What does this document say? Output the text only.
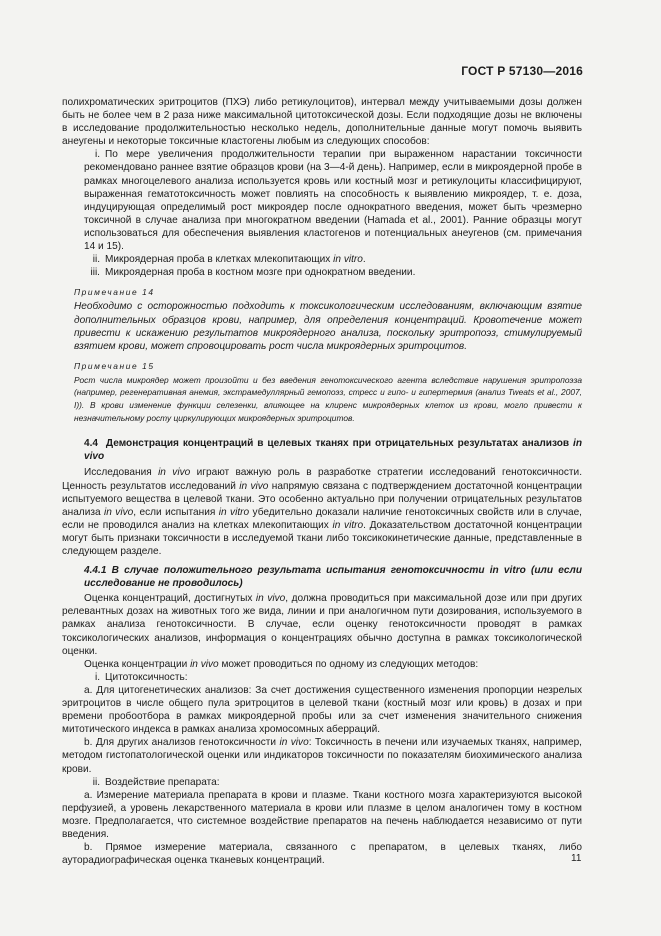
ГОСТ Р 57130—2016

полихроматических эритроцитов (ПХЭ) либо ретикулоцитов), интервал между учитываемыми дозы должен быть не более чем в 2 раза ниже максимальной цитотоксической дозы. Если подходящие дозы не включены в исследование продолжительностью несколько недель, дополнительные данные могут помочь выявить анеугены и некоторые токсичные кластогены любым из следующих способов:

i. По мере увеличения продолжительности терапии при выраженном нарастании токсичности рекомендовано раннее взятие образцов крови (на 3—4-й день). Например, если в микроядерной пробе в рамках многоцелевого анализа используется кровь или костный мозг и ретикулоциты классифицируют, выраженная гематотоксичность может повлиять на способность к выявлению микроядер, т. е. доза, индуцирующая определимый рост микроядер после однократного введения, может быть чрезмерно токсичной в случае анализа при многократном введении (Hamada et al., 2001). Ранние образцы могут использоваться для обеспечения выявления кластогенов и потенциальных анеугенов (см. примечания 14 и 15).

ii. Микроядерная проба в клетках млекопитающих in vitro.

iii. Микроядерная проба в костном мозге при однократном введении.

Примечание 14

Необходимо с осторожностью подходить к токсикологическим исследованиям, включающим взятие дополнительных образцов крови, например, для определения концентраций. Кровотечение может привести к искажению результатов микроядерного анализа, поскольку эритропоэз, стимулируемый взятием крови, может спровоцировать рост числа микроядерных эритроцитов.

Примечание 15

Рост числа микроядер может произойти и без введения генотоксического агента вследствие нарушения эритропоэза (например, регенеративная анемия, экстрамедуллярный гемопоэз, стресс и гипо- и гипертермия (анализ Tweats et al., 2007, I)). В крови изменение функции селезенки, влияющее на клиренс микроядерных клеток из крови, могло привести к незначительному росту циркулирующих микроядерных эритроцитов.

4.4 Демонстрация концентраций в целевых тканях при отрицательных результатах анализов in vivo

Исследования in vivo играют важную роль в разработке стратегии исследований генотоксичности. Ценность результатов исследований in vivo напрямую связана с подтверждением достаточной концентрации испытуемого вещества в целевой ткани. Это особенно актуально при получении отрицательных результатов анализа in vivo, если испытания in vitro убедительно доказали наличие генотоксичных свойств или в случае, если не проводился анализ на клетках млекопитающих in vitro. Доказательством достаточной концентрации могут быть признаки токсичности в исследуемой ткани либо токсикокинетические данные, представленные в следующем разделе.

4.4.1 В случае положительного результата испытания генотоксичности in vitro (или если исследование не проводилось)

Оценка концентраций, достигнутых in vivo, должна проводиться при максимальной дозе или при других релевантных дозах на животных того же вида, линии и при аналогичном пути дозирования, используемого в рамках анализа генотоксичности. В случае, если оценку генотоксичности проводят в рамках токсикологических анализов, информация о концентрациях обычно доступна в рамках токсикологической оценки.

Оценка концентрации in vivo может проводиться по одному из следующих методов:

i. Цитотоксичность:

a. Для цитогенетических анализов: За счет достижения существенного изменения пропорции незрелых эритроцитов в числе общего пула эритроцитов в целевой ткани (костный мозг или кровь) в дозах и при времени пробоотбора в рамках микроядерной пробы или за счет изменения значительного снижения митотического индекса в рамках анализа хромосомных аберраций.

b. Для других анализов генотоксичности in vivo: Токсичность в печени или изучаемых тканях, например, методом гистопатологической оценки или индикаторов токсичности по показателям биохимического анализа крови.

ii. Воздействие препарата:

a. Измерение материала препарата в крови и плазме. Ткани костного мозга характеризуются высокой перфузией, а уровень лекарственного материала в крови или плазме в целом аналогичен тому в костном мозге. Предполагается, что системное воздействие препаратов на печень наблюдается независимо от пути введения.

b. Прямое измерение материала, связанного с препаратом, в целевых тканях, либо ауторадиографическая оценка тканевых концентраций.	11
